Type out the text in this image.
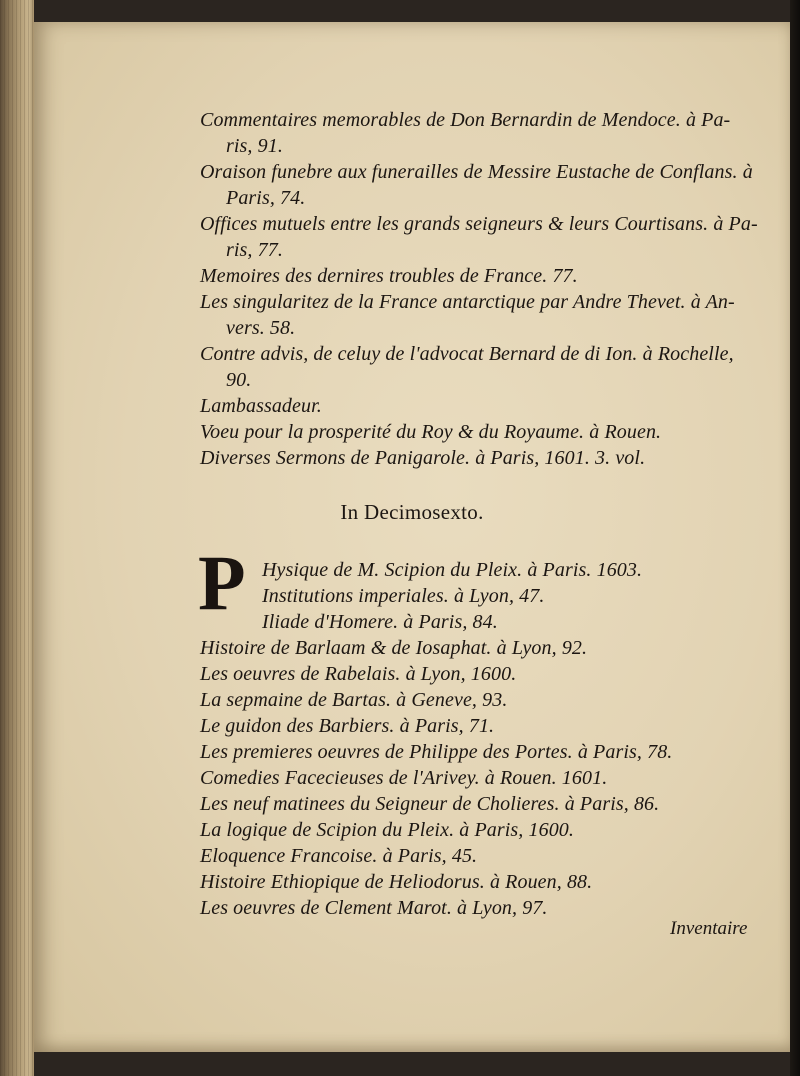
Commentaires memorables de Don Bernardin de Mendoce. à Pa-

ris, 91.

Oraison funebre aux funerailles de Messire Eustache de Conflans. à

Paris, 74.

Offices mutuels entre les grands seigneurs & leurs Courtisans. à Pa-

ris, 77.

Memoires des dernires troubles de France. 77.

Les singularitez de la France antarctique par Andre Thevet. à An-

vers. 58.

Contre advis, de celuy de l'advocat Bernard de di Ion. à Rochelle,

90.

Lambassadeur.

Voeu pour la prosperité du Roy & du Royaume. à Rouen.

Diverses Sermons de Panigarole. à Paris, 1601. 3. vol.

In Decimosexto.
P Hysique de M. Scipion du Pleix. à Paris. 1603.

Institutions imperiales. à Lyon, 47.

Iliade d'Homere. à Paris, 84.

Histoire de Barlaam & de Iosaphat. à Lyon, 92.

Les oeuvres de Rabelais. à Lyon, 1600.

La sepmaine de Bartas. à Geneve, 93.

Le guidon des Barbiers. à Paris, 71.

Les premieres oeuvres de Philippe des Portes. à Paris, 78.

Comedies Facecieuses de l'Arivey. à Rouen. 1601.

Les neuf matinees du Seigneur de Cholieres. à Paris, 86.

La logique de Scipion du Pleix. à Paris, 1600.

Eloquence Francoise. à Paris, 45.

Histoire Ethiopique de Heliodorus. à Rouen, 88.

Les oeuvres de Clement Marot. à Lyon, 97.

Inventaire
